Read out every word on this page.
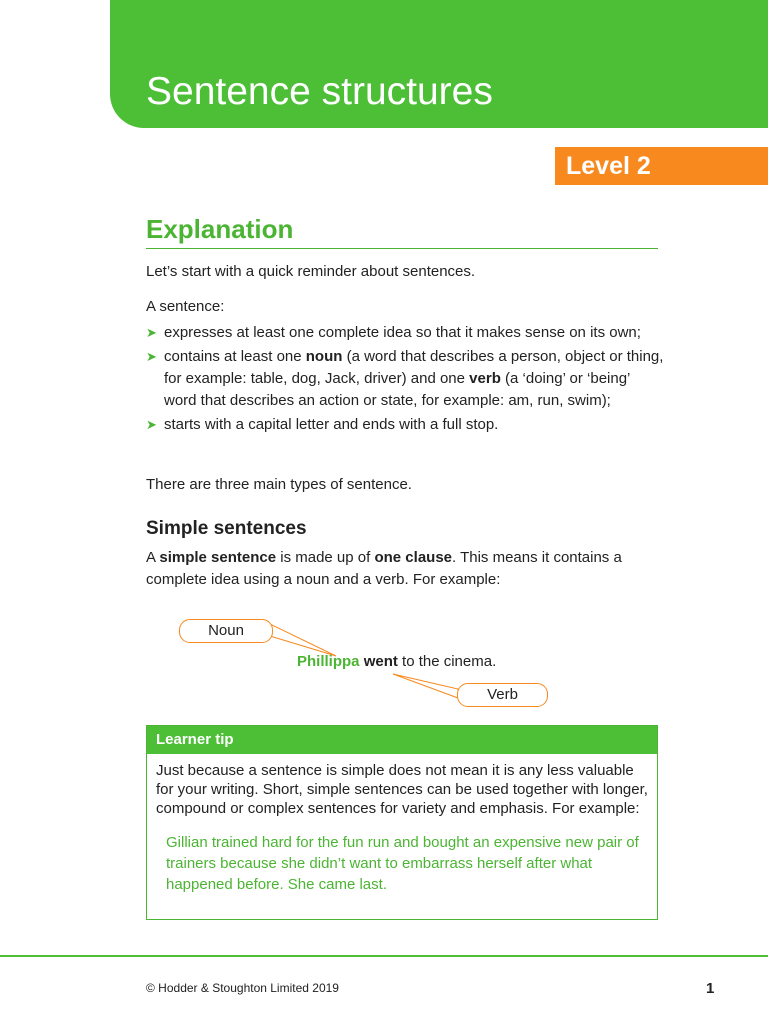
Sentence structures
Level 2
Explanation

Let’s start with a quick reminder about sentences.

A sentence:

➤ expresses at least one complete idea so that it makes sense on its own;
➤ contains at least one noun (a word that describes a person, object or thing, for example: table, dog, Jack, driver) and one verb (a ‘doing’ or ‘being’ word that describes an action or state, for example: am, run, swim);
➤ starts with a capital letter and ends with a full stop.

There are three main types of sentence.

Simple sentences

A simple sentence is made up of one clause. This means it contains a complete idea using a noun and a verb. For example:

Noun
Verb
Phillippa went to the cinema.
Learner tip
Just because a sentence is simple does not mean it is any less valuable for your writing. Short, simple sentences can be used together with longer, compound or complex sentences for variety and emphasis. For example:
Gillian trained hard for the fun run and bought an expensive new pair of trainers because she didn’t want to embarrass herself after what happened before. She came last.
© Hodder & Stoughton Limited 2019	1
